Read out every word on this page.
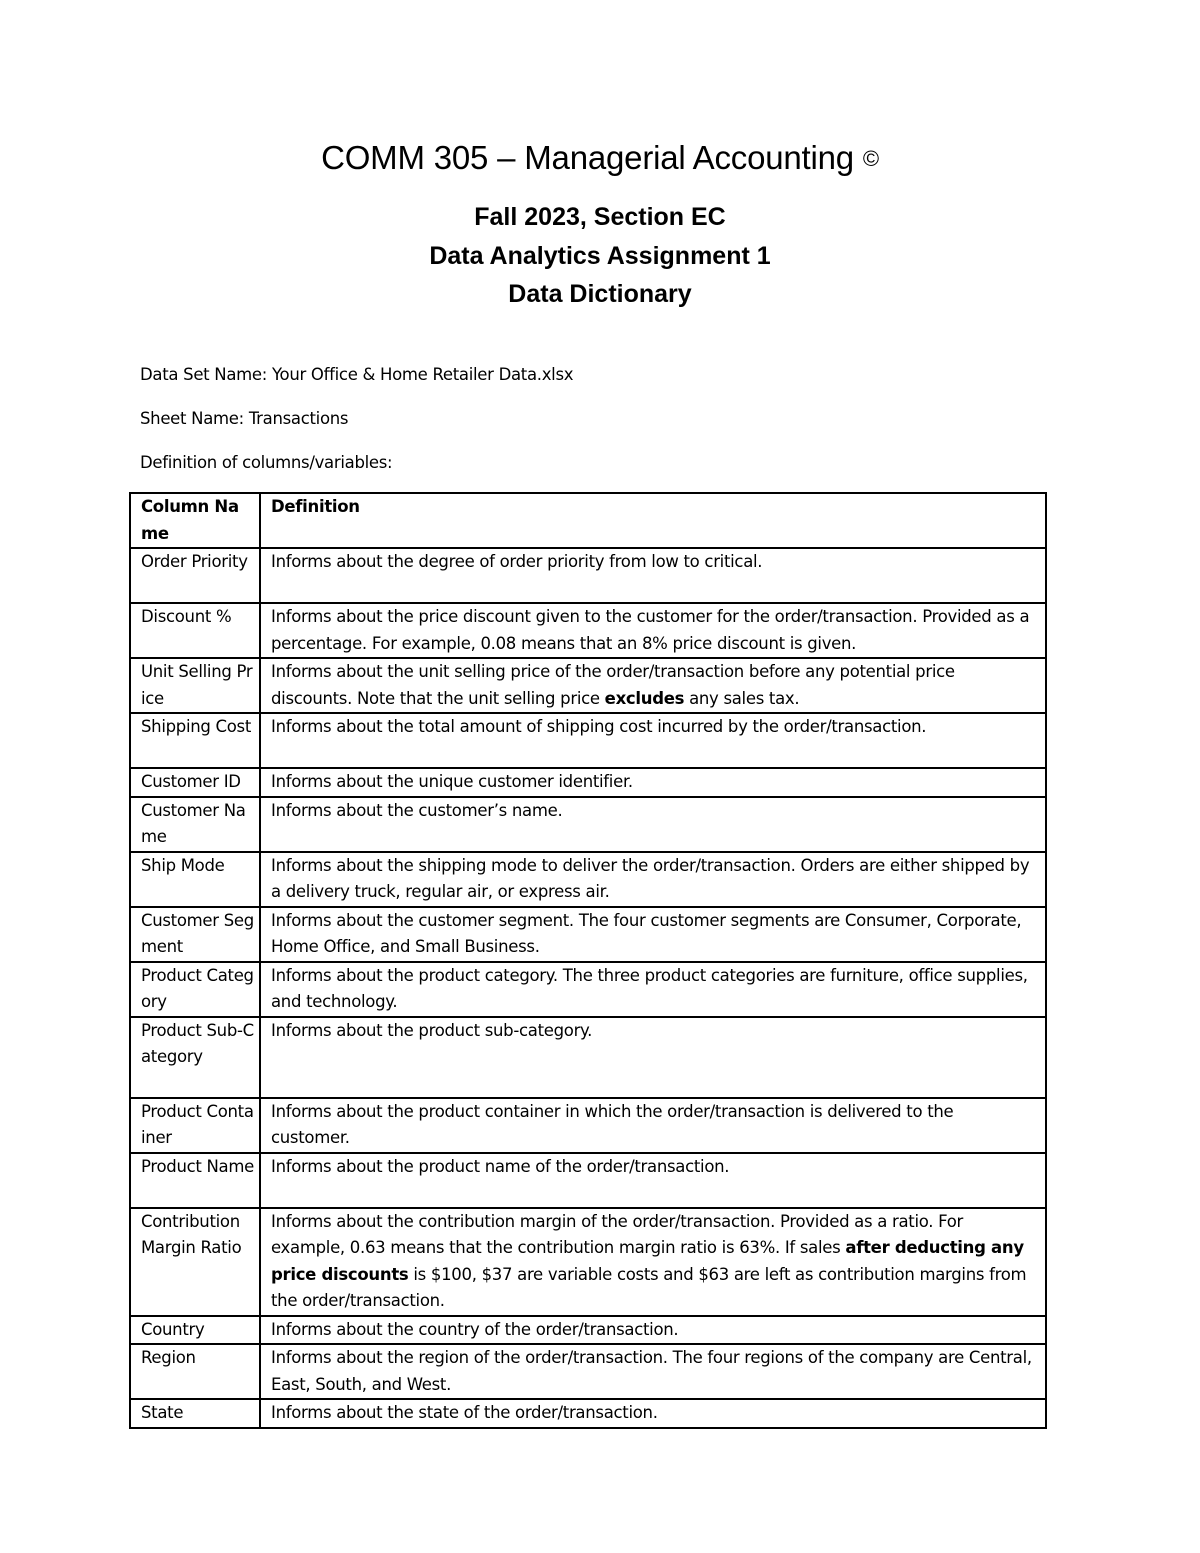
COMM 305 – Managerial Accounting ©
Fall 2023, Section EC
Data Analytics Assignment 1
Data Dictionary
Data Set Name: Your Office & Home Retailer Data.xlsx
Sheet Name: Transactions
Definition of columns/variables:
Column Name	Definition
Order Priority	Informs about the degree of order priority from low to critical.
Discount %	Informs about the price discount given to the customer for the order/transaction. Provided as a percentage. For example, 0.08 means that an 8% price discount is given.
Unit Selling Price	Informs about the unit selling price of the order/transaction before any potential price discounts. Note that the unit selling price excludes any sales tax.
Shipping Cost	Informs about the total amount of shipping cost incurred by the order/transaction.
Customer ID	Informs about the unique customer identifier.
Customer Name	Informs about the customer’s name.
Ship Mode	Informs about the shipping mode to deliver the order/transaction. Orders are either shipped by a delivery truck, regular air, or express air.
Customer Segment	Informs about the customer segment. The four customer segments are Consumer, Corporate, Home Office, and Small Business.
Product Category	Informs about the product category. The three product categories are furniture, office supplies, and technology.
Product Sub-Category	Informs about the product sub-category.
Product Container	Informs about the product container in which the order/transaction is delivered to the customer.
Product Name	Informs about the product name of the order/transaction.
Contribution Margin Ratio	Informs about the contribution margin of the order/transaction. Provided as a ratio. For example, 0.63 means that the contribution margin ratio is 63%. If sales after deducting any price discounts is $100, $37 are variable costs and $63 are left as contribution margins from the order/transaction.
Country	Informs about the country of the order/transaction.
Region	Informs about the region of the order/transaction. The four regions of the company are Central, East, South, and West.
State	Informs about the state of the order/transaction.
